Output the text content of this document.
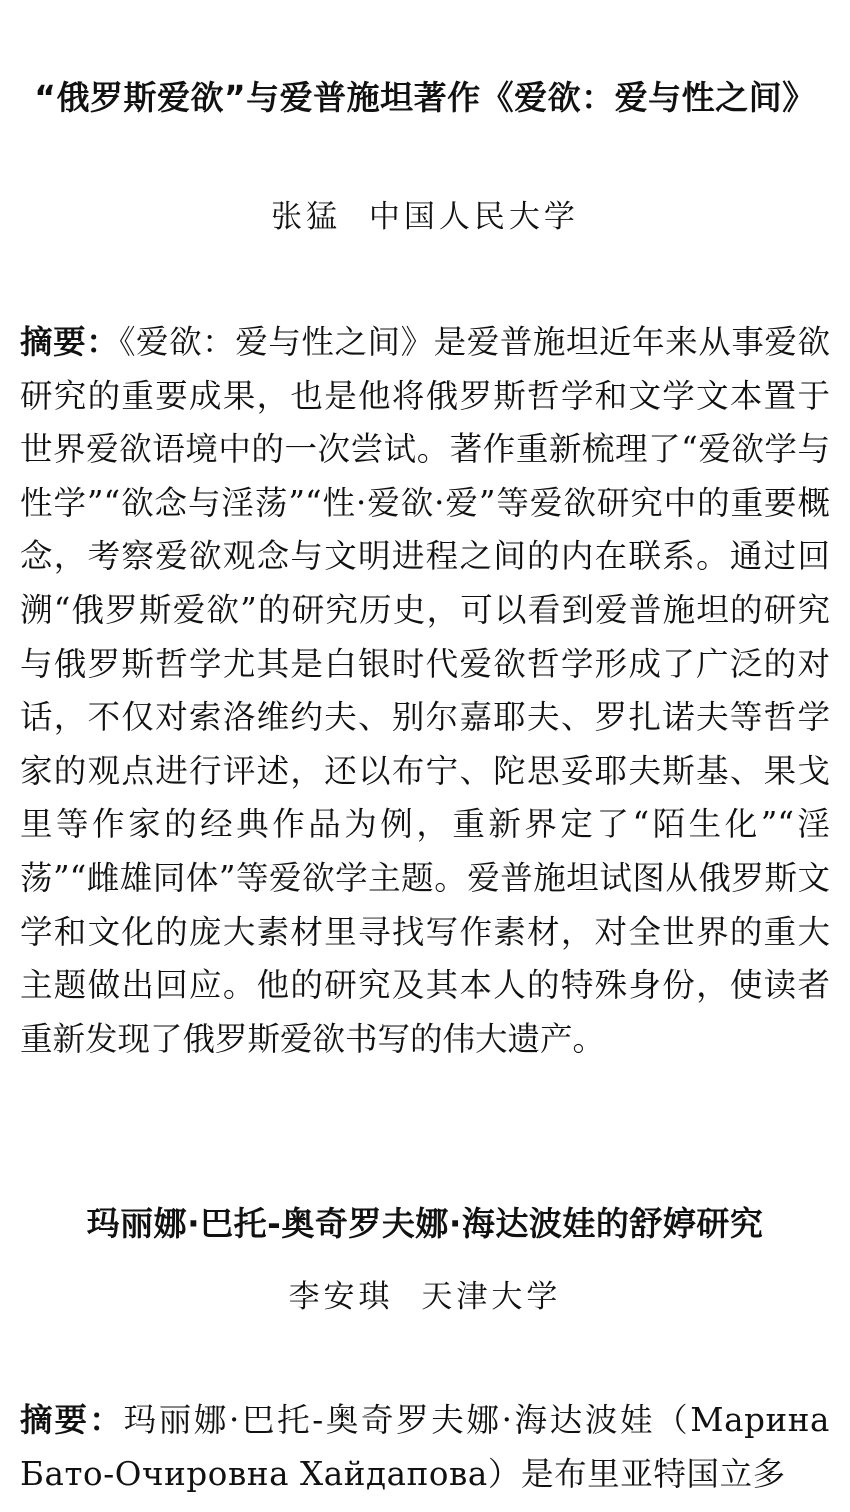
“俄罗斯爱欲”与爱普施坦著作《爱欲：爱与性之间》
张猛 中国人民大学

摘要：《爱欲：爱与性之间》是爱普施坦近年来从事爱欲研究的重要成果，也是他将俄罗斯哲学和文学文本置于世界爱欲语境中的一次尝试。著作重新梳理了“爱欲学与性学”“欲念与淫荡”“性·爱欲·爱”等爱欲研究中的重要概念，考察爱欲观念与文明进程之间的内在联系。通过回溯“俄罗斯爱欲”的研究历史，可以看到爱普施坦的研究与俄罗斯哲学尤其是白银时代爱欲哲学形成了广泛的对话，不仅对索洛维约夫、别尔嘉耶夫、罗扎诺夫等哲学家的观点进行评述，还以布宁、陀思妥耶夫斯基、果戈里等作家的经典作品为例，重新界定了“陌生化”“淫荡”“雌雄同体”等爱欲学主题。爱普施坦试图从俄罗斯文学和文化的庞大素材里寻找写作素材，对全世界的重大主题做出回应。他的研究及其本人的特殊身份，使读者重新发现了俄罗斯爱欲书写的伟大遗产。

玛丽娜·巴托-奥奇罗夫娜·海达波娃的舒婷研究
李安琪 天津大学

摘要：玛丽娜·巴托-奥奇罗夫娜·海达波娃（Марина Бато-Очировна Хайдапова）是布里亚特国立多
